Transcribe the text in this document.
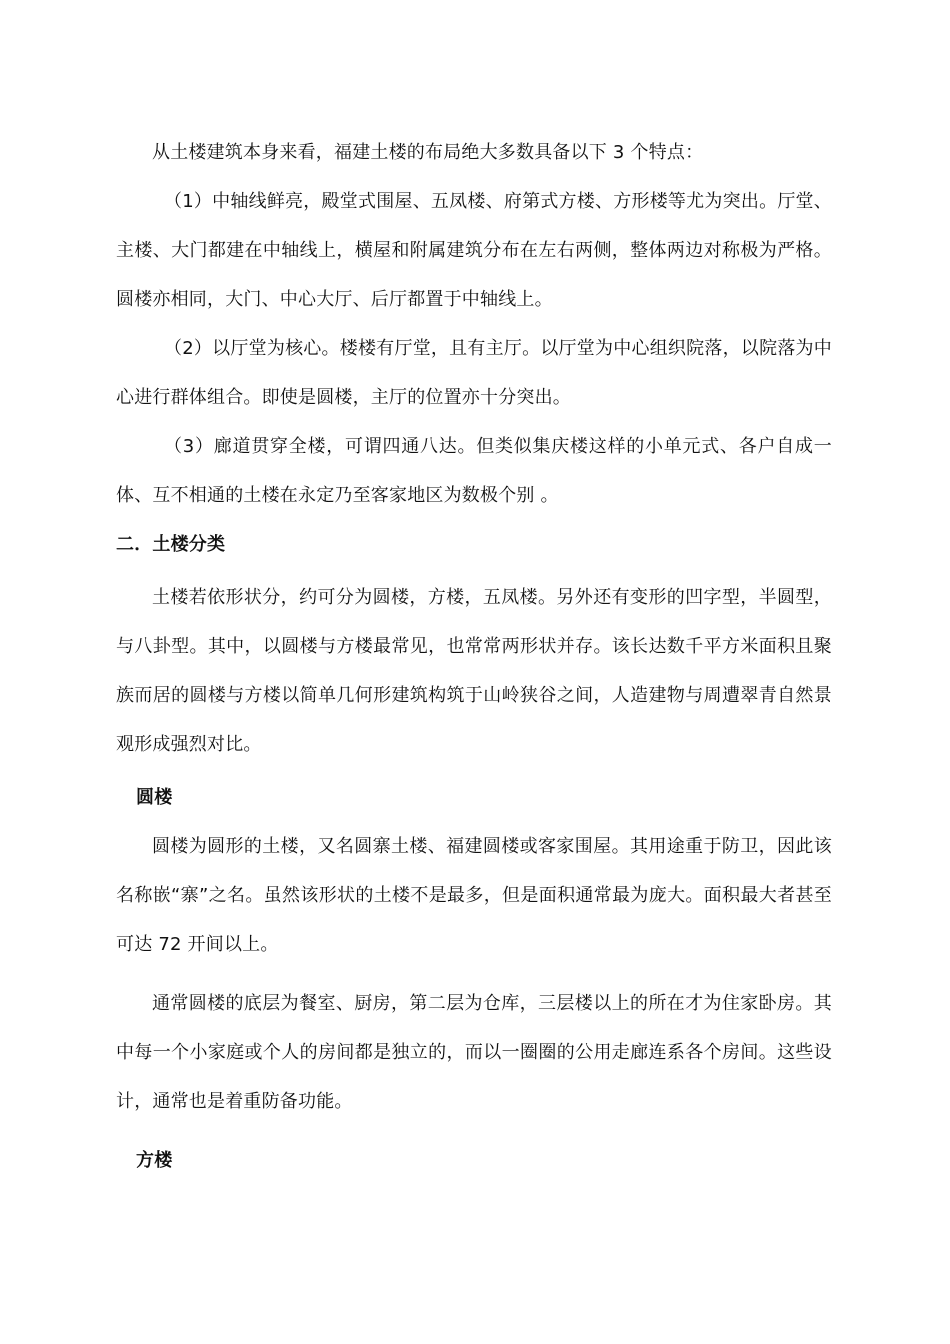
从土楼建筑本身来看，福建土楼的布局绝大多数具备以下 3 个特点：

（1）中轴线鲜亮，殿堂式围屋、五凤楼、府第式方楼、方形楼等尤为突出。厅堂、主楼、大门都建在中轴线上，横屋和附属建筑分布在左右两侧，整体两边对称极为严格。圆楼亦相同，大门、中心大厅、后厅都置于中轴线上。

（2）以厅堂为核心。楼楼有厅堂，且有主厅。以厅堂为中心组织院落，以院落为中心进行群体组合。即使是圆楼，主厅的位置亦十分突出。

（3）廊道贯穿全楼，可谓四通八达。但类似集庆楼这样的小单元式、各户自成一体、互不相通的土楼在永定乃至客家地区为数极个别 。

二．土楼分类

土楼若依形状分，约可分为圆楼，方楼，五凤楼。另外还有变形的凹字型，半圆型，与八卦型。其中，以圆楼与方楼最常见，也常常两形状并存。该长达数千平方米面积且聚族而居的圆楼与方楼以简单几何形建筑构筑于山岭狭谷之间，人造建物与周遭翠青自然景观形成强烈对比。

圆楼

圆楼为圆形的土楼，又名圆寨土楼、福建圆楼或客家围屋。其用途重于防卫，因此该名称嵌“寨”之名。虽然该形状的土楼不是最多，但是面积通常最为庞大。面积最大者甚至可达 72 开间以上。

通常圆楼的底层为餐室、厨房，第二层为仓库，三层楼以上的所在才为住家卧房。其中每一个小家庭或个人的房间都是独立的，而以一圈圈的公用走廊连系各个房间。这些设计，通常也是着重防备功能。

方楼
